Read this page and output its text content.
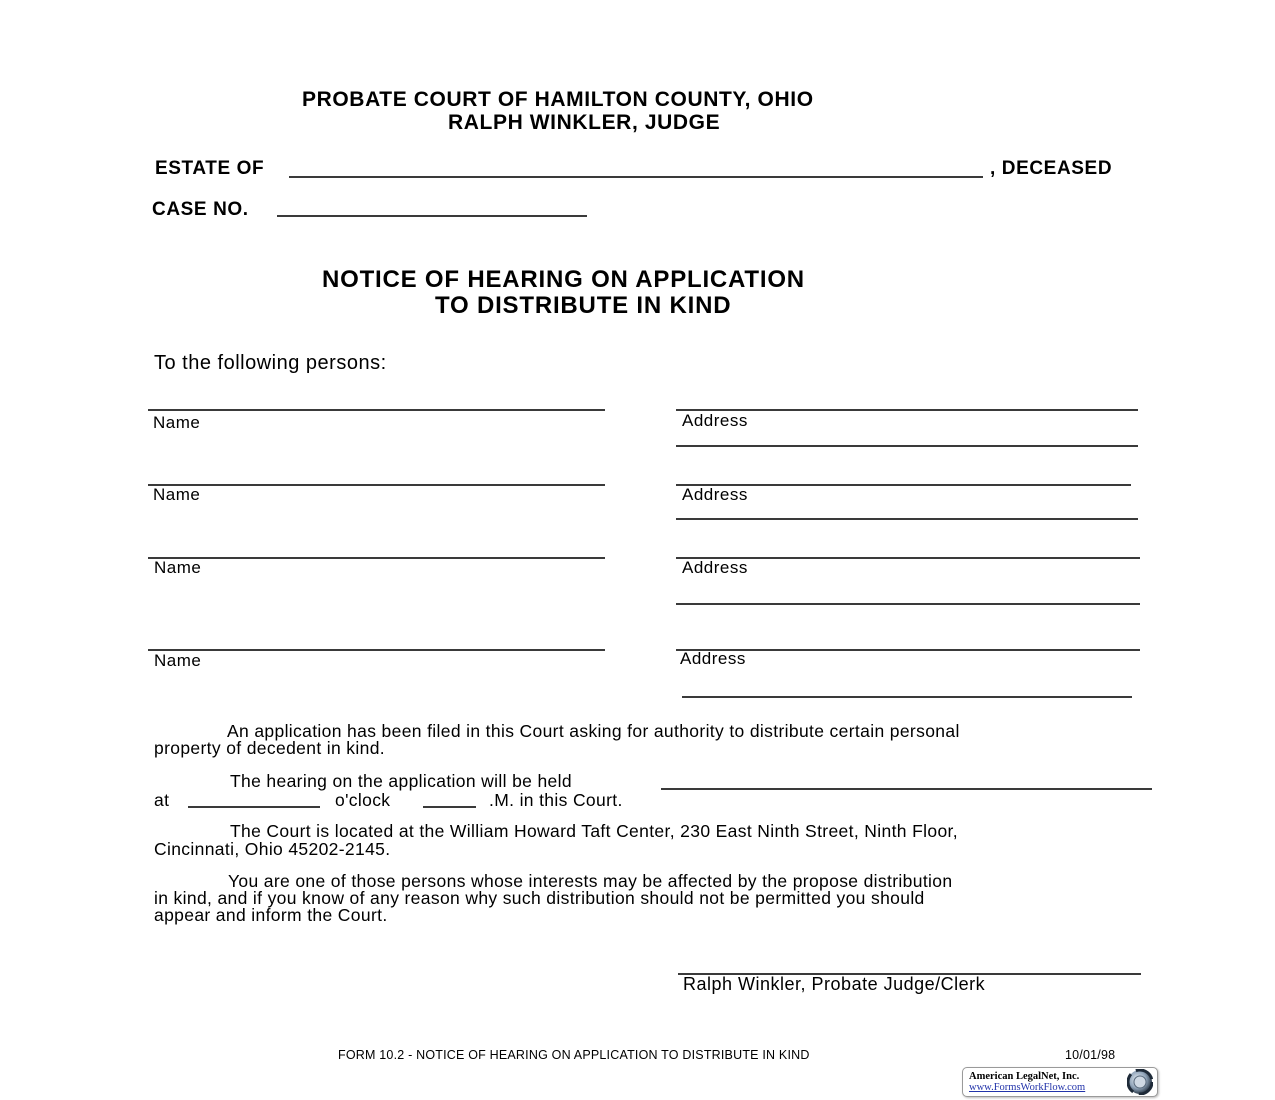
PROBATE COURT OF HAMILTON COUNTY, OHIO
RALPH WINKLER, JUDGE
ESTATE OF	, DECEASED
CASE NO.
NOTICE OF HEARING ON APPLICATION
TO DISTRIBUTE IN KIND
To the following persons:
Name	Address
Name	Address
Name	Address
Name	Address
An application has been filed in this Court asking for authority to distribute certain personal
property of decedent in kind.
The hearing on the application will be held
at	o'clock	.M. in this Court.
The Court is located at the William Howard Taft Center, 230 East Ninth Street, Ninth Floor,
Cincinnati, Ohio 45202-2145.
You are one of those persons whose interests may be affected by the propose distribution
in kind, and if you know of any reason why such distribution should not be permitted you should
appear and inform the Court.
Ralph Winkler, Probate Judge/Clerk
FORM 10.2 - NOTICE OF HEARING ON APPLICATION TO DISTRIBUTE IN KIND	10/01/98
American LegalNet, Inc.
www.FormsWorkFlow.com
